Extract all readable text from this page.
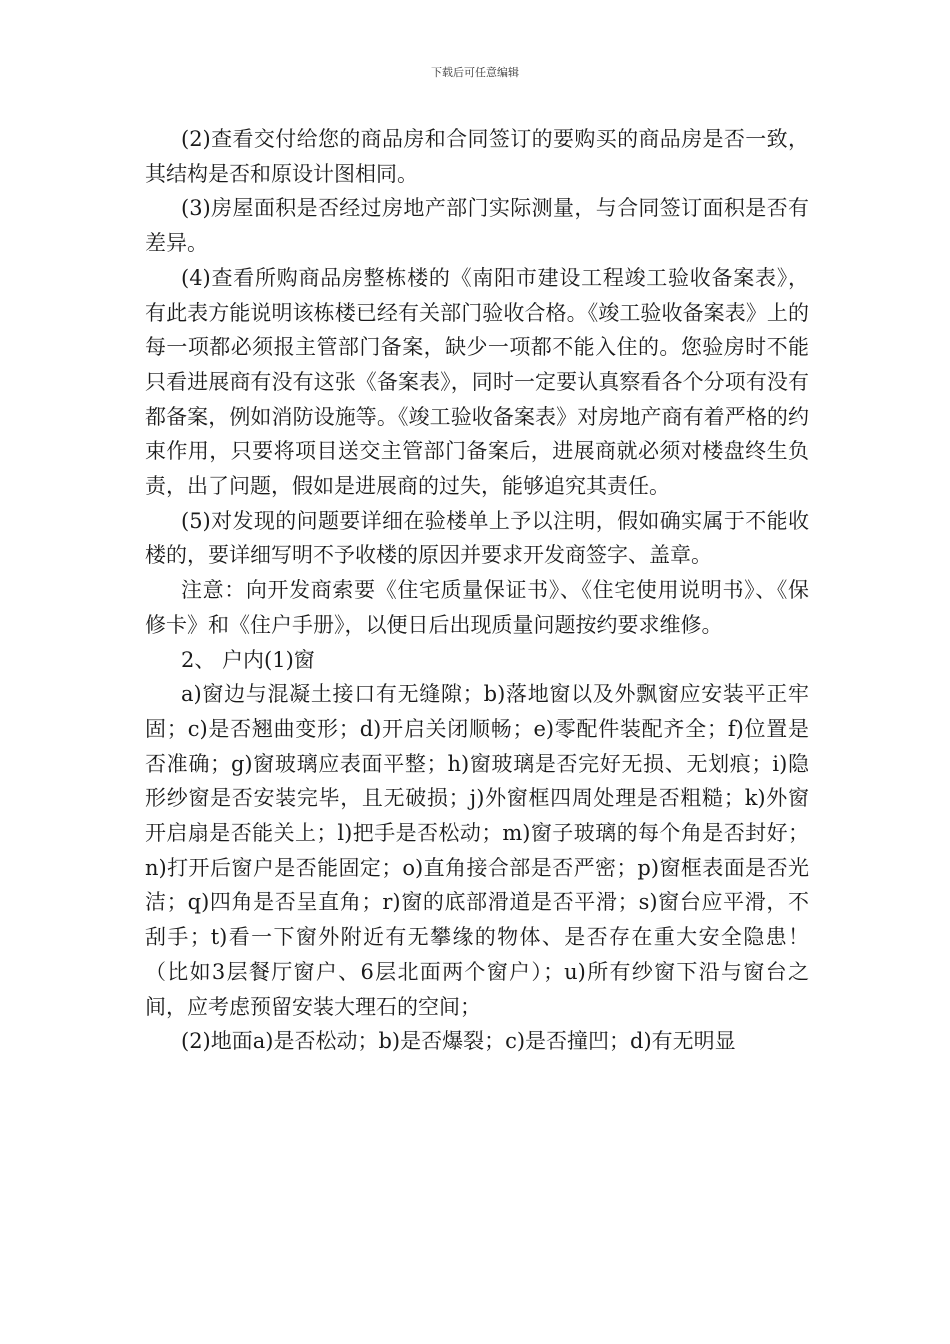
下载后可任意编辑

(2)查看交付给您的商品房和合同签订的要购买的商品房是否一致，其结构是否和原设计图相同。

(3)房屋面积是否经过房地产部门实际测量，与合同签订面积是否有差异。

(4)查看所购商品房整栋楼的《南阳市建设工程竣工验收备案表》，有此表方能说明该栋楼已经有关部门验收合格。《竣工验收备案表》上的每一项都必须报主管部门备案，缺少一项都不能入住的。您验房时不能只看进展商有没有这张《备案表》，同时一定要认真察看各个分项有没有都备案，例如消防设施等。《竣工验收备案表》对房地产商有着严格的约束作用，只要将项目送交主管部门备案后，进展商就必须对楼盘终生负责，出了问题，假如是进展商的过失，能够追究其责任。

(5)对发现的问题要详细在验楼单上予以注明，假如确实属于不能收楼的，要详细写明不予收楼的原因并要求开发商签字、盖章。

注意：向开发商索要《住宅质量保证书》、《住宅使用说明书》、《保修卡》和《住户手册》，以便日后出现质量问题按约要求维修。

2、 户内(1)窗

a)窗边与混凝土接口有无缝隙；b)落地窗以及外飘窗应安装平正牢固；c)是否翘曲变形；d)开启关闭顺畅；e)零配件装配齐全；f)位置是否准确；g)窗玻璃应表面平整；h)窗玻璃是否完好无损、无划痕；i)隐形纱窗是否安装完毕，且无破损；j)外窗框四周处理是否粗糙；k)外窗开启扇是否能关上；l)把手是否松动；m)窗子玻璃的每个角是否封好；n)打开后窗户是否能固定；o)直角接合部是否严密；p)窗框表面是否光洁；q)四角是否呈直角；r)窗的底部滑道是否平滑；s)窗台应平滑，不刮手；t)看一下窗外附近有无攀缘的物体、是否存在重大安全隐患！（比如3层餐厅窗户、6层北面两个窗户）；u)所有纱窗下沿与窗台之间，应考虑预留安装大理石的空间；

(2)地面a)是否松动；b)是否爆裂；c)是否撞凹；d)有无明显
